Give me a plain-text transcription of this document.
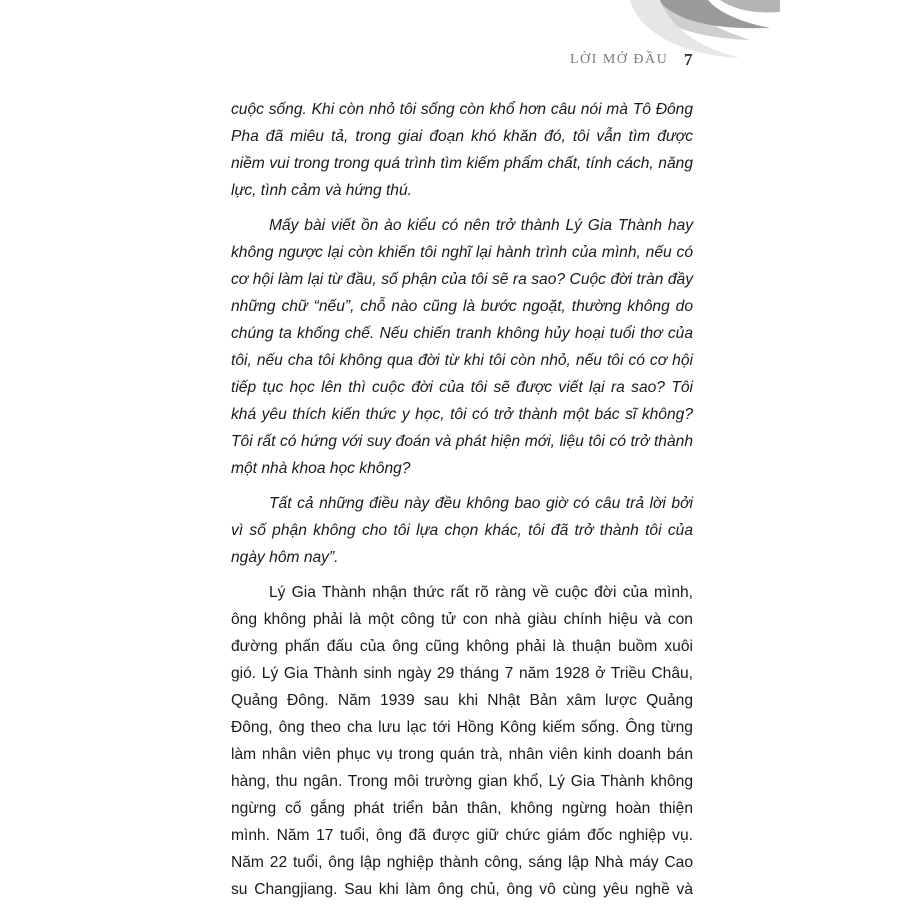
LỜI MỞ ĐẦU 7

cuộc sống. Khi còn nhỏ tôi sống còn khổ hơn câu nói mà Tô Đông
Pha đã miêu tả, trong giai đoạn khó khăn đó, tôi vẫn tìm được
niềm vui trong trong quá trình tìm kiếm phẩm chất, tính cách, năng
lực, tình cảm và hứng thú.

Mấy bài viết ồn ào kiểu có nên trở thành Lý Gia Thành hay
không ngược lại còn khiến tôi nghĩ lại hành trình của mình, nếu có
cơ hội làm lại từ đầu, số phận của tôi sẽ ra sao? Cuộc đời tràn đầy
những chữ “nếu”, chỗ nào cũng là bước ngoặt, thường không do
chúng ta khống chế. Nếu chiến tranh không hủy hoại tuổi thơ của
tôi, nếu cha tôi không qua đời từ khi tôi còn nhỏ, nếu tôi có cơ hội
tiếp tục học lên thì cuộc đời của tôi sẽ được viết lại ra sao? Tôi
khá yêu thích kiến thức y học, tôi có trở thành một bác sĩ không?
Tôi rất có hứng với suy đoán và phát hiện mới, liệu tôi có trở thành
một nhà khoa học không?

Tất cả những điều này đều không bao giờ có câu trả lời bởi
vì số phận không cho tôi lựa chọn khác, tôi đã trở thành tôi của
ngày hôm nay”.

Lý Gia Thành nhận thức rất rõ ràng về cuộc đời của mình,
ông không phải là một công tử con nhà giàu chính hiệu và con
đường phấn đấu của ông cũng không phải là thuận buồm xuôi
gió. Lý Gia Thành sinh ngày 29 tháng 7 năm 1928 ở Triều Châu,
Quảng Đông. Năm 1939 sau khi Nhật Bản xâm lược Quảng
Đông, ông theo cha lưu lạc tới Hồng Kông kiếm sống. Ông từng
làm nhân viên phục vụ trong quán trà, nhân viên kinh doanh bán
hàng, thu ngân. Trong môi trường gian khổ, Lý Gia Thành không
ngừng cố gắng phát triển bản thân, không ngừng hoàn thiện
mình. Năm 17 tuổi, ông đã được giữ chức giám đốc nghiệp vụ.
Năm 22 tuổi, ông lập nghiệp thành công, sáng lập Nhà máy Cao
su Changjiang. Sau khi làm ông chủ, ông vô cùng yêu nghề và
